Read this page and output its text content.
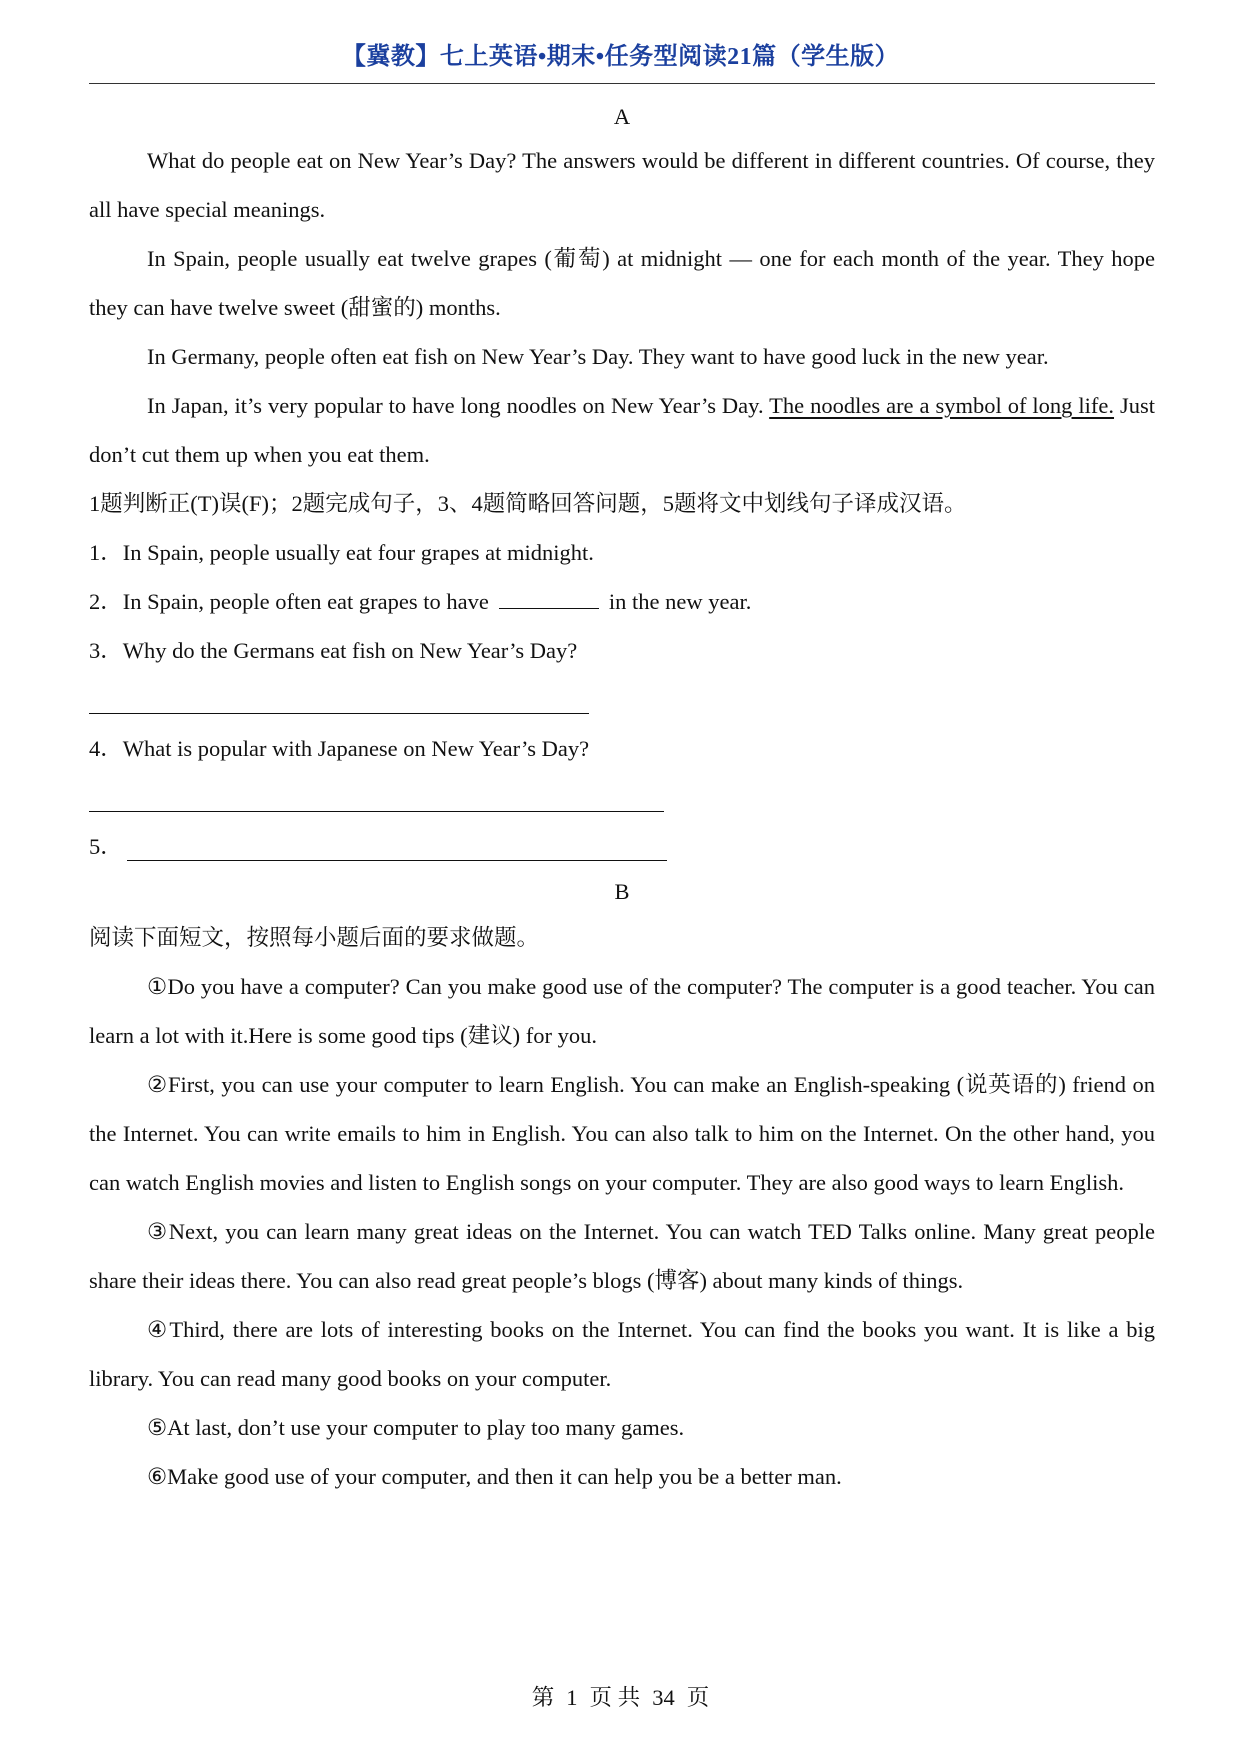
【冀教】七上英语•期末•任务型阅读21篇（学生版）

A

What do people eat on New Year’s Day? The answers would be different in different countries. Of course, they all have special meanings.

In Spain, people usually eat twelve grapes (葡萄) at midnight — one for each month of the year. They hope they can have twelve sweet (甜蜜的) months.

In Germany, people often eat fish on New Year’s Day. They want to have good luck in the new year.

In Japan, it’s very popular to have long noodles on New Year’s Day. The noodles are a symbol of long life. Just don’t cut them up when you eat them.

1题判断正(T)误(F)；2题完成句子，3、4题简略回答问题，5题将文中划线句子译成汉语。

1．In Spain, people usually eat four grapes at midnight.

2．In Spain, people often eat grapes to have	in the new year.

3．Why do the Germans eat fish on New Year’s Day?

4．What is popular with Japanese on New Year’s Day?

5．

B

阅读下面短文，按照每小题后面的要求做题。

①Do you have a computer? Can you make good use of the computer? The computer is a good teacher. You can learn a lot with it.Here is some good tips (建议) for you.

②First, you can use your computer to learn English. You can make an English-speaking (说英语的) friend on the Internet. You can write emails to him in English. You can also talk to him on the Internet. On the other hand, you can watch English movies and listen to English songs on your computer. They are also good ways to learn English.

③Next, you can learn many great ideas on the Internet. You can watch TED Talks online. Many great people share their ideas there. You can also read great people’s blogs (博客) about many kinds of things.

④Third, there are lots of interesting books on the Internet. You can find the books you want. It is like a big library. You can read many good books on your computer.

⑤At last, don’t use your computer to play too many games.

⑥Make good use of your computer, and then it can help you be a better man.

第 1 页 共 34 页
